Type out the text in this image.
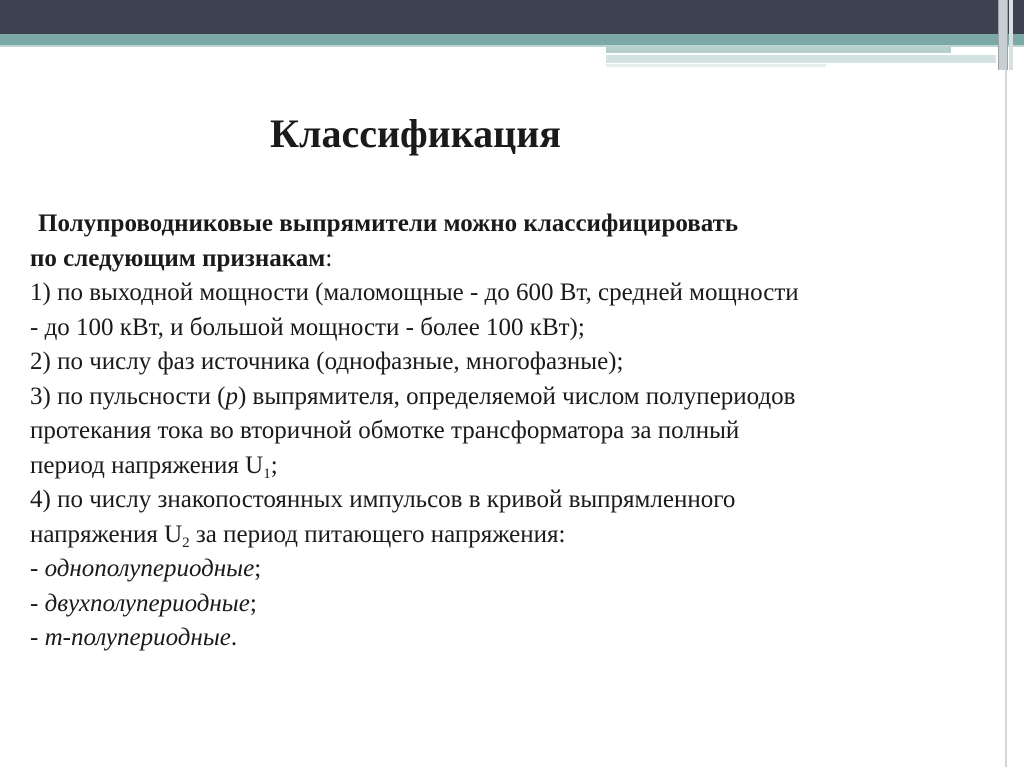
Классификация
Полупроводниковые выпрямители можно классифицировать
по следующим признакам:
1) по выходной мощности (маломощные - до 600 Вт, средней мощности
- до 100 кВт, и большой мощности - более 100 кВт);
2) по числу фаз источника (однофазные, многофазные);
3) по пульсности (р) выпрямителя, определяемой числом полупериодов
протекания тока во вторичной обмотке трансформатора за полный
период напряжения $U_1$;
4) по числу знакопостоянных импульсов в кривой выпрямленного
напряжения $U_2$ за период питающего напряжения:
- однополупериодные;
- двухполупериодные;
- m-полупериодные.
